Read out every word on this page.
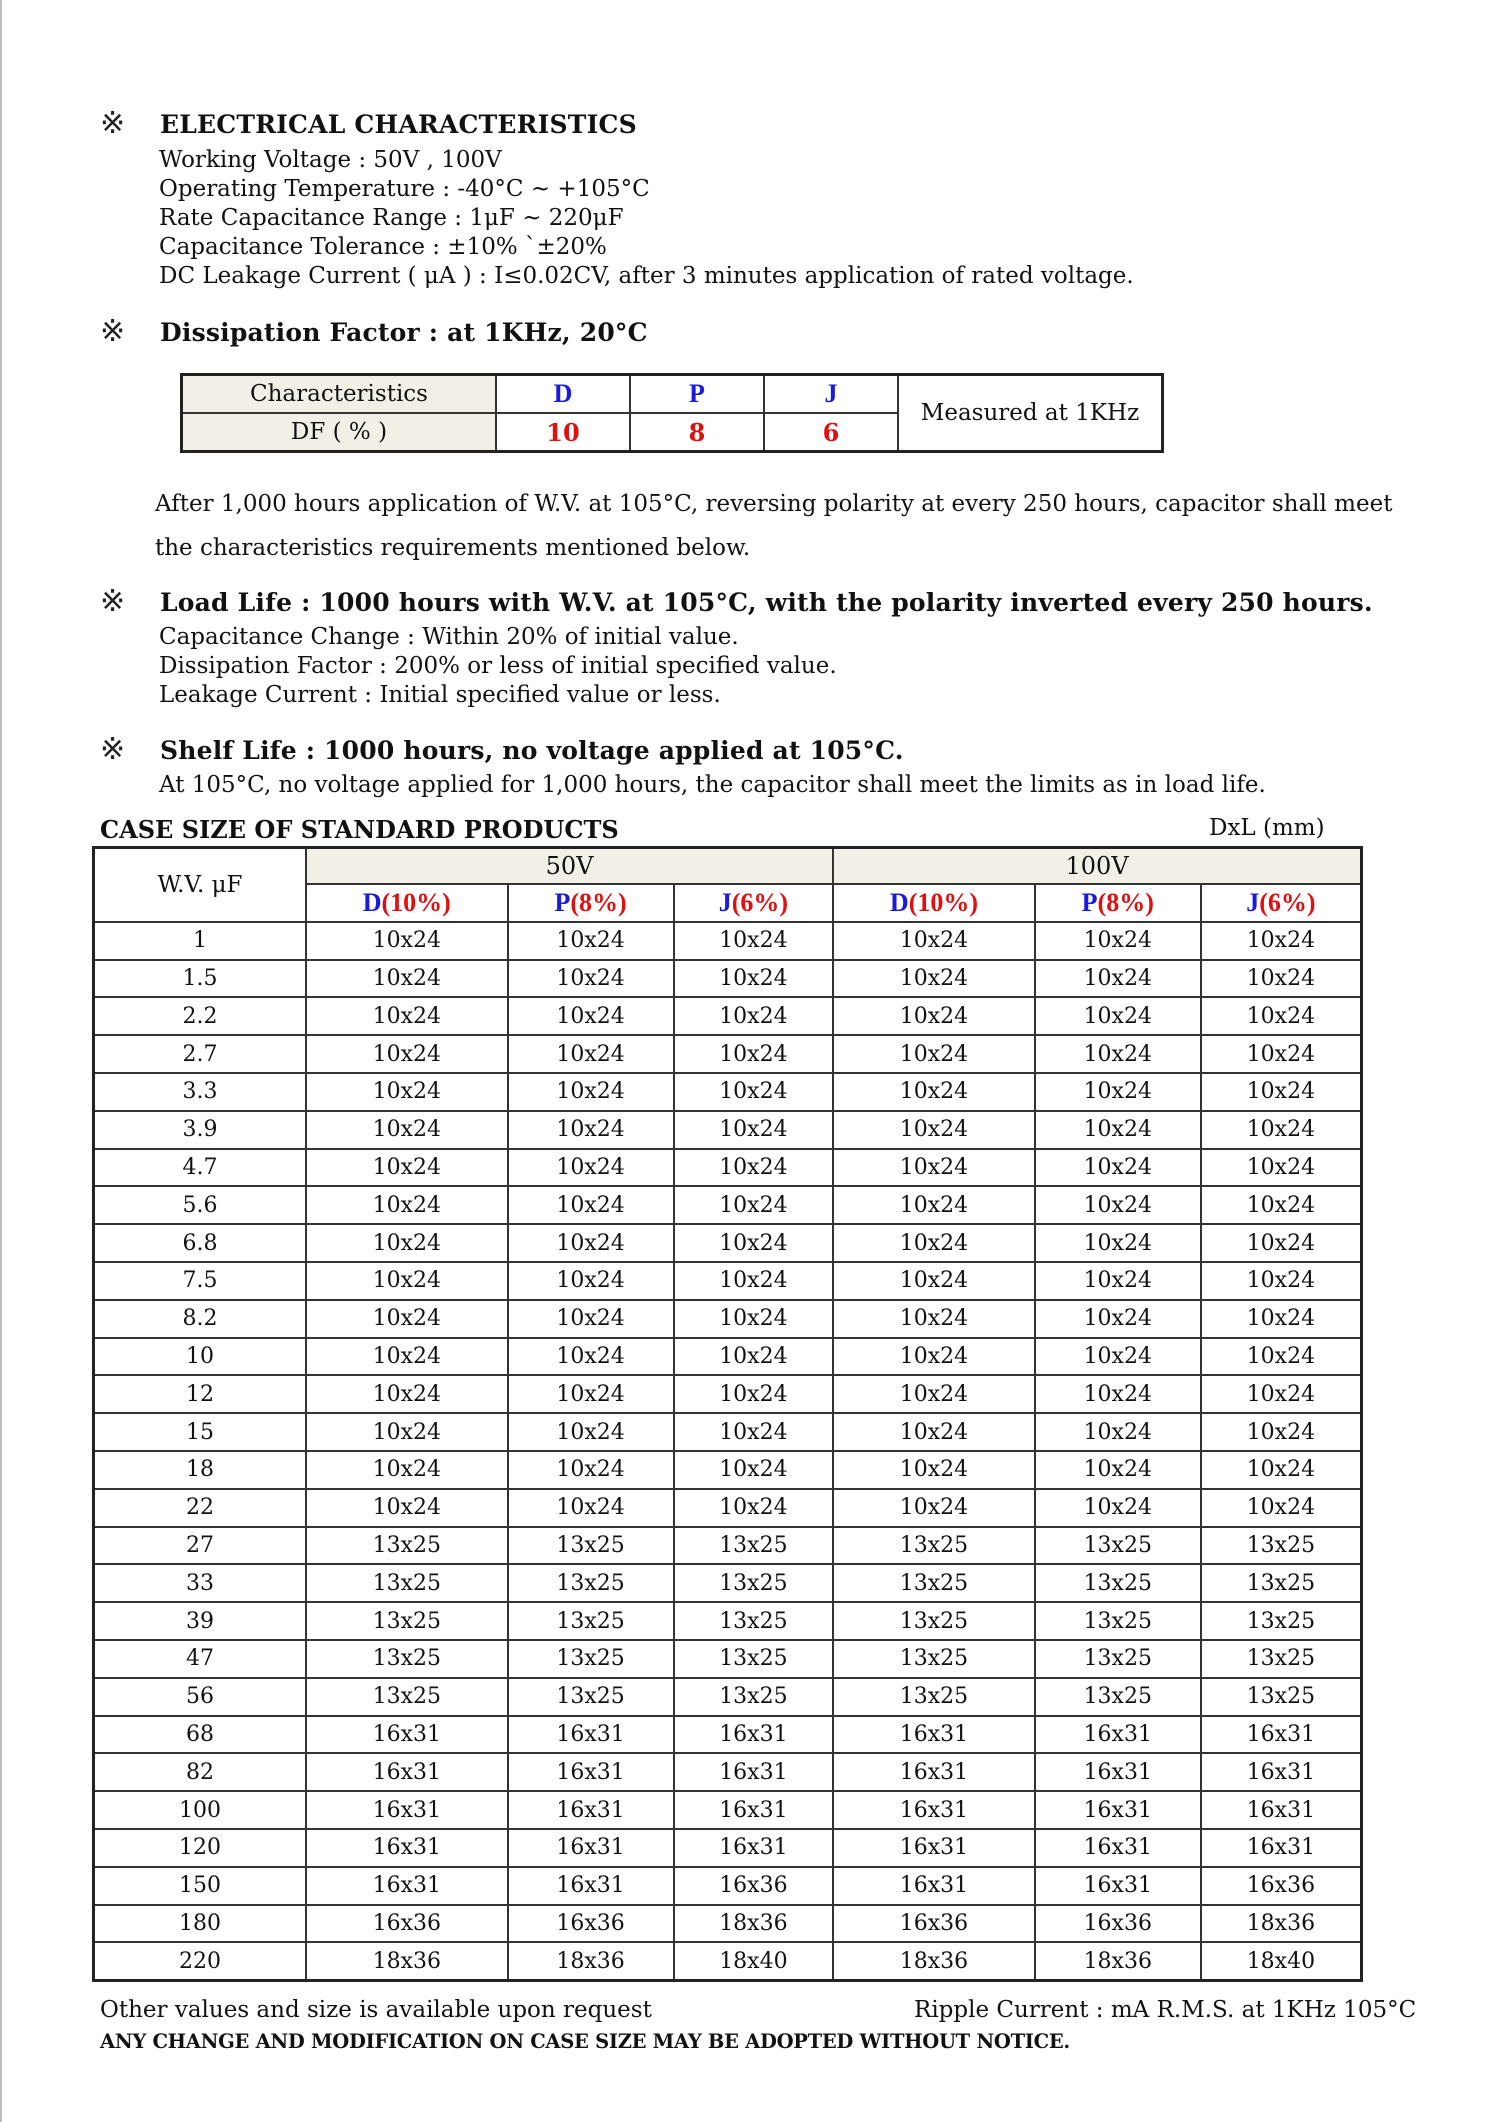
※	ELECTRICAL CHARACTERISTICS
Working Voltage : 50V , 100V
Operating Temperature : -40°C ~ +105°C
Rate Capacitance Range : 1μF ~ 220μF
Capacitance Tolerance : ±10% `±20%
DC Leakage Current ( μA ) : I≤0.02CV, after 3 minutes application of rated voltage.
※	Dissipation Factor : at 1KHz, 20°C
Characteristics	D	P	J	Measured at 1KHz
DF ( % )	10	8	6	
After 1,000 hours application of W.V. at 105°C, reversing polarity at every 250 hours, capacitor shall meet the characteristics requirements mentioned below.
※	Load Life : 1000 hours with W.V. at 105°C, with the polarity inverted every 250 hours.
Capacitance Change : Within 20% of initial value.
Dissipation Factor : 200% or less of initial specified value.
Leakage Current : Initial specified value or less.
※	Shelf Life : 1000 hours, no voltage applied at 105°C.
At 105°C, no voltage applied for 1,000 hours, the capacitor shall meet the limits as in load life.
CASE SIZE OF STANDARD PRODUCTS	DxL (mm)
W.V. μF	50V			100V		
	D(10%)	P(8%)	J(6%)	D(10%)	P(8%)	J(6%)
1	10x24	10x24	10x24	10x24	10x24	10x24
1.5	10x24	10x24	10x24	10x24	10x24	10x24
2.2	10x24	10x24	10x24	10x24	10x24	10x24
2.7	10x24	10x24	10x24	10x24	10x24	10x24
3.3	10x24	10x24	10x24	10x24	10x24	10x24
3.9	10x24	10x24	10x24	10x24	10x24	10x24
4.7	10x24	10x24	10x24	10x24	10x24	10x24
5.6	10x24	10x24	10x24	10x24	10x24	10x24
6.8	10x24	10x24	10x24	10x24	10x24	10x24
7.5	10x24	10x24	10x24	10x24	10x24	10x24
8.2	10x24	10x24	10x24	10x24	10x24	10x24
10	10x24	10x24	10x24	10x24	10x24	10x24
12	10x24	10x24	10x24	10x24	10x24	10x24
15	10x24	10x24	10x24	10x24	10x24	10x24
18	10x24	10x24	10x24	10x24	10x24	10x24
22	10x24	10x24	10x24	10x24	10x24	10x24
27	13x25	13x25	13x25	13x25	13x25	13x25
33	13x25	13x25	13x25	13x25	13x25	13x25
39	13x25	13x25	13x25	13x25	13x25	13x25
47	13x25	13x25	13x25	13x25	13x25	13x25
56	13x25	13x25	13x25	13x25	13x25	13x25
68	16x31	16x31	16x31	16x31	16x31	16x31
82	16x31	16x31	16x31	16x31	16x31	16x31
100	16x31	16x31	16x31	16x31	16x31	16x31
120	16x31	16x31	16x31	16x31	16x31	16x31
150	16x31	16x31	16x36	16x31	16x31	16x36
180	16x36	16x36	18x36	16x36	16x36	18x36
220	18x36	18x36	18x40	18x36	18x36	18x40
Other values and size is available upon request	Ripple Current : mA R.M.S. at 1KHz 105°C
ANY CHANGE AND MODIFICATION ON CASE SIZE MAY BE ADOPTED WITHOUT NOTICE.
